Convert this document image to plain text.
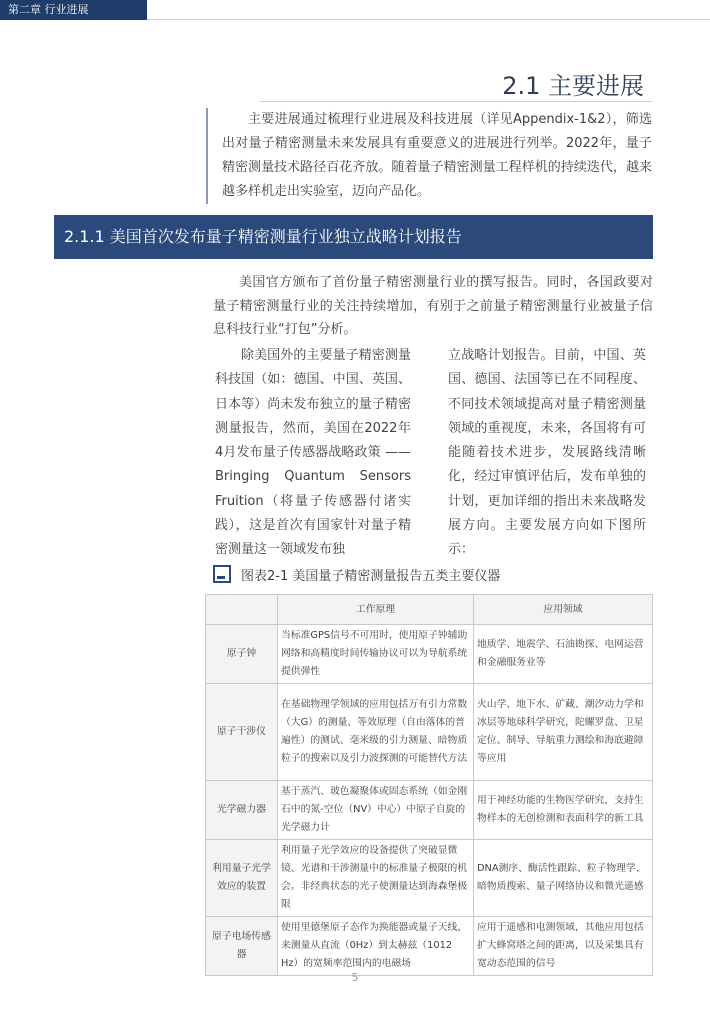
第二章 行业进展
2.1 主要进展

主要进展通过梳理行业进展及科技进展（详见Appendix-1&2），筛选出对量子精密测量未来发展具有重要意义的进展进行列举。2022年，量子精密测量技术路径百花齐放。随着量子精密测量工程样机的持续迭代，越来越多样机走出实验室，迈向产品化。

2.1.1 美国首次发布量子精密测量行业独立战略计划报告

美国官方颁布了首份量子精密测量行业的撰写报告。同时，各国政要对量子精密测量行业的关注持续增加，有别于之前量子精密测量行业被量子信息科技行业“打包”分析。

除美国外的主要量子精密测量科技国（如：德国、中国、英国、日本等）尚未发布独立的量子精密测量报告，然而，美国在2022年4月发布量子传感器战略政策 ——Bringing Quantum Sensors Fruition（将量子传感器付诸实践），这是首次有国家针对量子精密测量这一领域发布独

立战略计划报告。目前，中国、英国、德国、法国等已在不同程度、不同技术领域提高对量子精密测量领域的重视度，未来，各国将有可能随着技术进步，发展路线清晰化，经过审慎评估后，发布单独的计划，更加详细的指出未来战略发展方向。主要发展方向如下图所示：

图表2-1 美国量子精密测量报告五类主要仪器
	工作原理	应用领域
原子钟	当标准GPS信号不可用时，使用原子钟辅助网络和高精度时间传输协议可以为导航系统提供弹性	地质学、地震学、石油勘探、电网运营和金融服务业等
原子干涉仪	在基础物理学领域的应用包括万有引力常数（大G）的测量、等效原理（自由落体的普遍性）的测试、毫米级的引力测量、暗物质粒子的搜索以及引力波探测的可能替代方法	火山学、地下水、矿藏、潮汐动力学和冰层等地球科学研究，陀螺罗盘、卫星定位、制导、导航重力测绘和海底避障等应用
光学磁力器	基于蒸汽、玻色凝聚体或固态系统（如金刚石中的氮-空位（NV）中心）中原子自旋的光学磁力计	用于神经功能的生物医学研究，支持生物样本的无创检测和表面科学的新工具
利用量子光学效应的装置	利用量子光学效应的设备提供了突破显微镜、光谱和干涉测量中的标准量子极限的机会。非经典状态的光子使测量达到海森堡极限	DNA测序、酶活性跟踪、粒子物理学、暗物质搜索、量子网络协议和微光遥感
原子电场传感器	使用里德堡原子态作为换能器或量子天线，来测量从直流（0Hz）到太赫兹（1012 Hz）的宽频率范围内的电磁场	应用于遥感和电测领域，其他应用包括扩大蜂窝塔之间的距离，以及采集具有宽动态范围的信号
5
